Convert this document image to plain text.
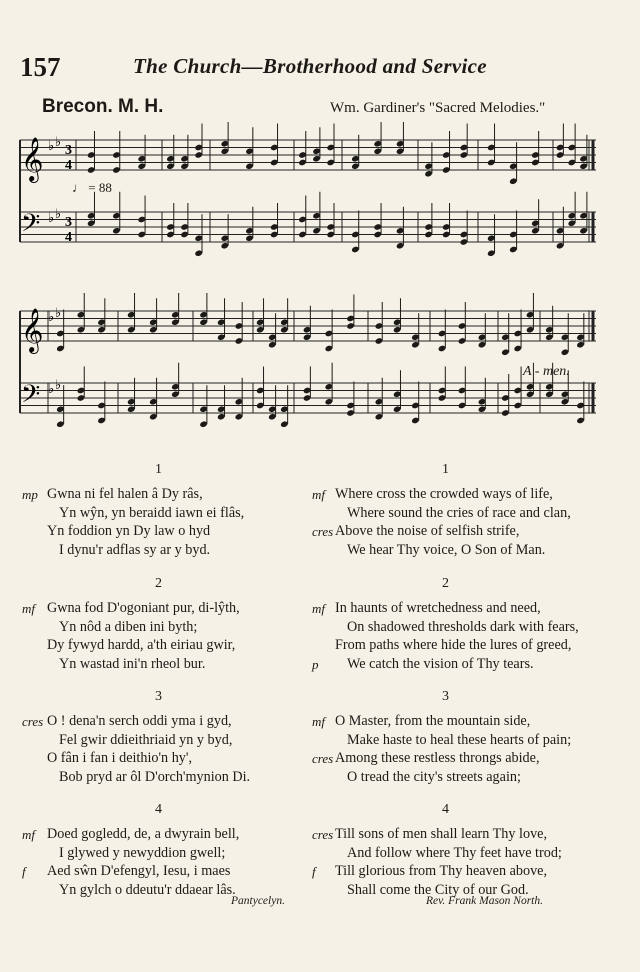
157	The Church—Brotherhood and Service
Brecon. M. H.	Wm. Gardiner's "Sacred Melodies."
𝄞 ♭ ♭
3
4
𝄢 ♭ ♭
3
4
𝄞 ♭ ♭
𝄢 ♭ ♭
♩ = 88
A - men.
1
mp Gwna ni fel halen â Dy râs,
Yn wŷn, yn beraidd iawn ei flâs,
Yn foddion yn Dy law o hyd
I dynu'r adflas sy ar y byd.
2
mf Gwna fod D'ogoniant pur, di-lŷth,
Yn nôd a diben ini byth;
Dy fywyd hardd, a'th eiriau gwir,
Yn wastad ini'n rheol bur.
3
cres O ! dena'n serch oddi yma i gyd,
Fel gwir ddieithriaid yn y byd,
O fân i fan i deithio'n hy',
Bob pryd ar ôl D'orch'mynion Di.
4
mf Doed gogledd, de, a dwyrain bell,
I glywed y newyddion gwell;
f Aed sŵn D'efengyl, Iesu, i maes
Yn gylch o ddeutu'r ddaear lâs.
1
mf Where cross the crowded ways of life,
Where sound the cries of race and clan,
cres Above the noise of selfish strife,
We hear Thy voice, O Son of Man.
2
mf In haunts of wretchedness and need,
On shadowed thresholds dark with fears,
From paths where hide the lures of greed,
p We catch the vision of Thy tears.
3
mf O Master, from the mountain side,
Make haste to heal these hearts of pain;
cres Among these restless throngs abide,
O tread the city's streets again;
4
cres Till sons of men shall learn Thy love,
And follow where Thy feet have trod;
f Till glorious from Thy heaven above,
Shall come the City of our God.
Pantycelyn.	Rev. Frank Mason North.
